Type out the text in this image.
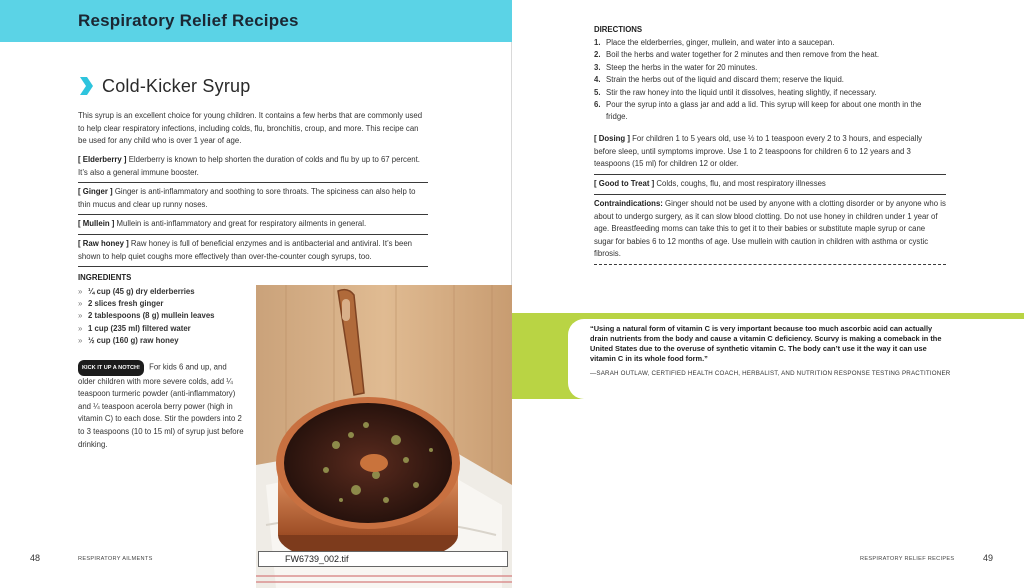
Respiratory Relief Recipes
Cold-Kicker Syrup

This syrup is an excellent choice for young children. It contains a few herbs that are commonly used to help clear respiratory infections, including colds, flu, bronchitis, croup, and more. This recipe can be used for any child who is over 1 year of age.

[ Elderberry ] Elderberry is known to help shorten the duration of colds and flu by up to 67 percent. It’s also a general immune booster.

[ Ginger ] Ginger is anti-inflammatory and soothing to sore throats. The spiciness can also help to thin mucus and clear up runny noses.

[ Mullein ] Mullein is anti-inflammatory and great for respiratory ailments in general.

[ Raw honey ] Raw honey is full of beneficial enzymes and is antibacterial and antiviral. It’s been shown to help quiet coughs more effectively than over-the-counter cough syrups, too.

INGREDIENTS
» ¼ cup (45 g) dry elderberries
» 2 slices fresh ginger
» 2 tablespoons (8 g) mullein leaves
» 1 cup (235 ml) filtered water
» ½ cup (160 g) raw honey

KICK IT UP A NOTCH! For kids 6 and up, and older children with more severe colds, add ¼ teaspoon turmeric powder (anti-inflammatory) and ¼ teaspoon acerola berry power (high in vitamin C) to each dose. Stir the powders into 2 to 3 teaspoons (10 to 15 ml) of syrup just before drinking.

FW6739_002.tif
48	RESPIRATORY AILMENTS
DIRECTIONS
1. Place the elderberries, ginger, mullein, and water into a saucepan.
2. Boil the herbs and water together for 2 minutes and then remove from the heat.
3. Steep the herbs in the water for 20 minutes.
4. Strain the herbs out of the liquid and discard them; reserve the liquid.
5. Stir the raw honey into the liquid until it dissolves, heating slightly, if necessary.
6. Pour the syrup into a glass jar and add a lid. This syrup will keep for about one month in the fridge.

[ Dosing ] For children 1 to 5 years old, use ½ to 1 teaspoon every 2 to 3 hours, and especially before sleep, until symptoms improve. Use 1 to 2 teaspoons for children 6 to 12 years and 3 teaspoons (15 ml) for children 12 or older.

[ Good to Treat ] Colds, coughs, flu, and most respiratory illnesses

Contraindications: Ginger should not be used by anyone with a clotting disorder or by anyone who is about to undergo surgery, as it can slow blood clotting. Do not use honey in children under 1 year of age. Breastfeeding moms can take this to get it to their babies or substitute maple syrup or cane sugar for babies 6 to 12 months of age. Use mullein with caution in children with asthma or cystic fibrosis.

“Using a natural form of vitamin C is very important because too much ascorbic acid can actually drain nutrients from the body and cause a vitamin C deficiency. Scurvy is making a comeback in the United States due to the overuse of synthetic vitamin C. The body can’t use it the way it can use vitamin C in its whole food form.”

—SARAH OUTLAW, CERTIFIED HEALTH COACH, HERBALIST, AND NUTRITION RESPONSE TESTING PRACTITIONER

RESPIRATORY RELIEF RECIPES	49
